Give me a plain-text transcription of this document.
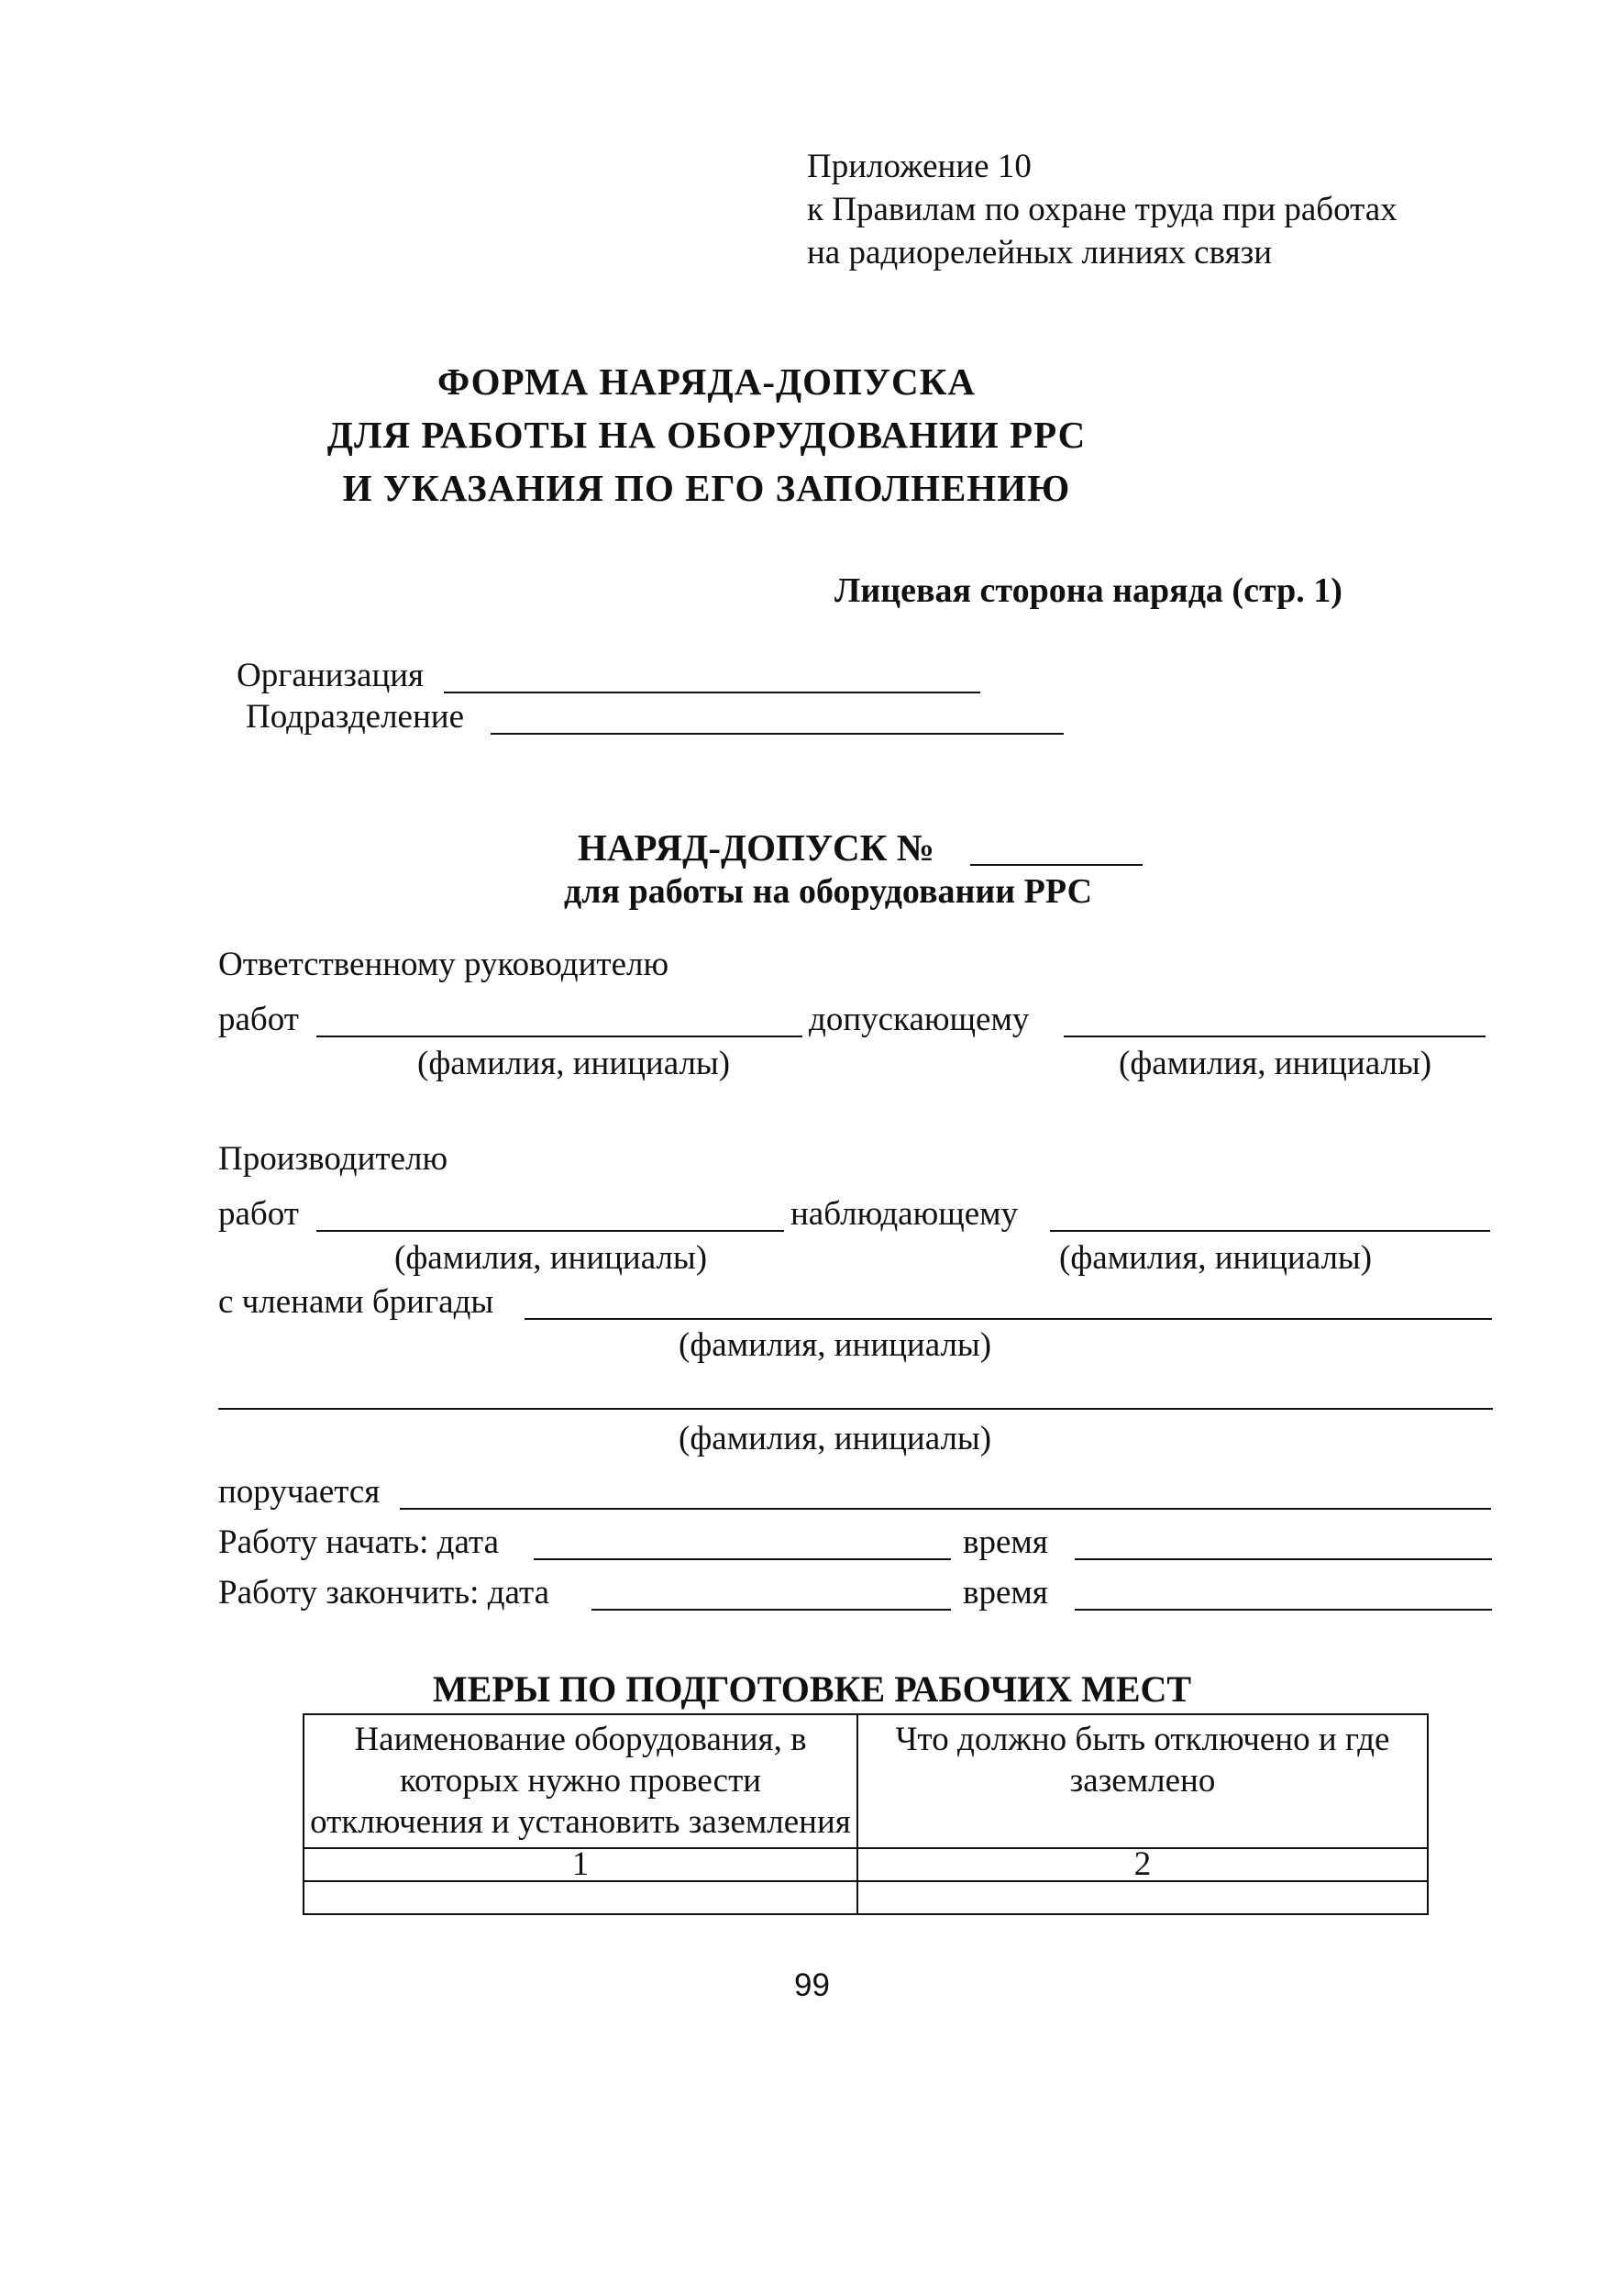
Приложение 10
к Правилам по охране труда при работах
на радиорелейных линиях связи
ФОРМА НАРЯДА-ДОПУСКА
ДЛЯ РАБОТЫ НА ОБОРУДОВАНИИ РРС
И УКАЗАНИЯ ПО ЕГО ЗАПОЛНЕНИЮ
Лицевая сторона наряда (стр. 1)
Организация
Подразделение
НАРЯД-ДОПУСК №
для работы на оборудовании РРС
Ответственному руководителю
работ	допускающему
(фамилия, инициалы)	(фамилия, инициалы)
Производителю
работ	наблюдающему
(фамилия, инициалы)	(фамилия, инициалы)
с членами бригады
(фамилия, инициалы)
(фамилия, инициалы)
поручается
Работу начать: дата	время
Работу закончить: дата	время
МЕРЫ ПО ПОДГОТОВКЕ РАБОЧИХ МЕСТ
Наименование оборудования, в которых нужно провести отключения и установить заземления	Что должно быть отключено и где заземлено
1	2

99
